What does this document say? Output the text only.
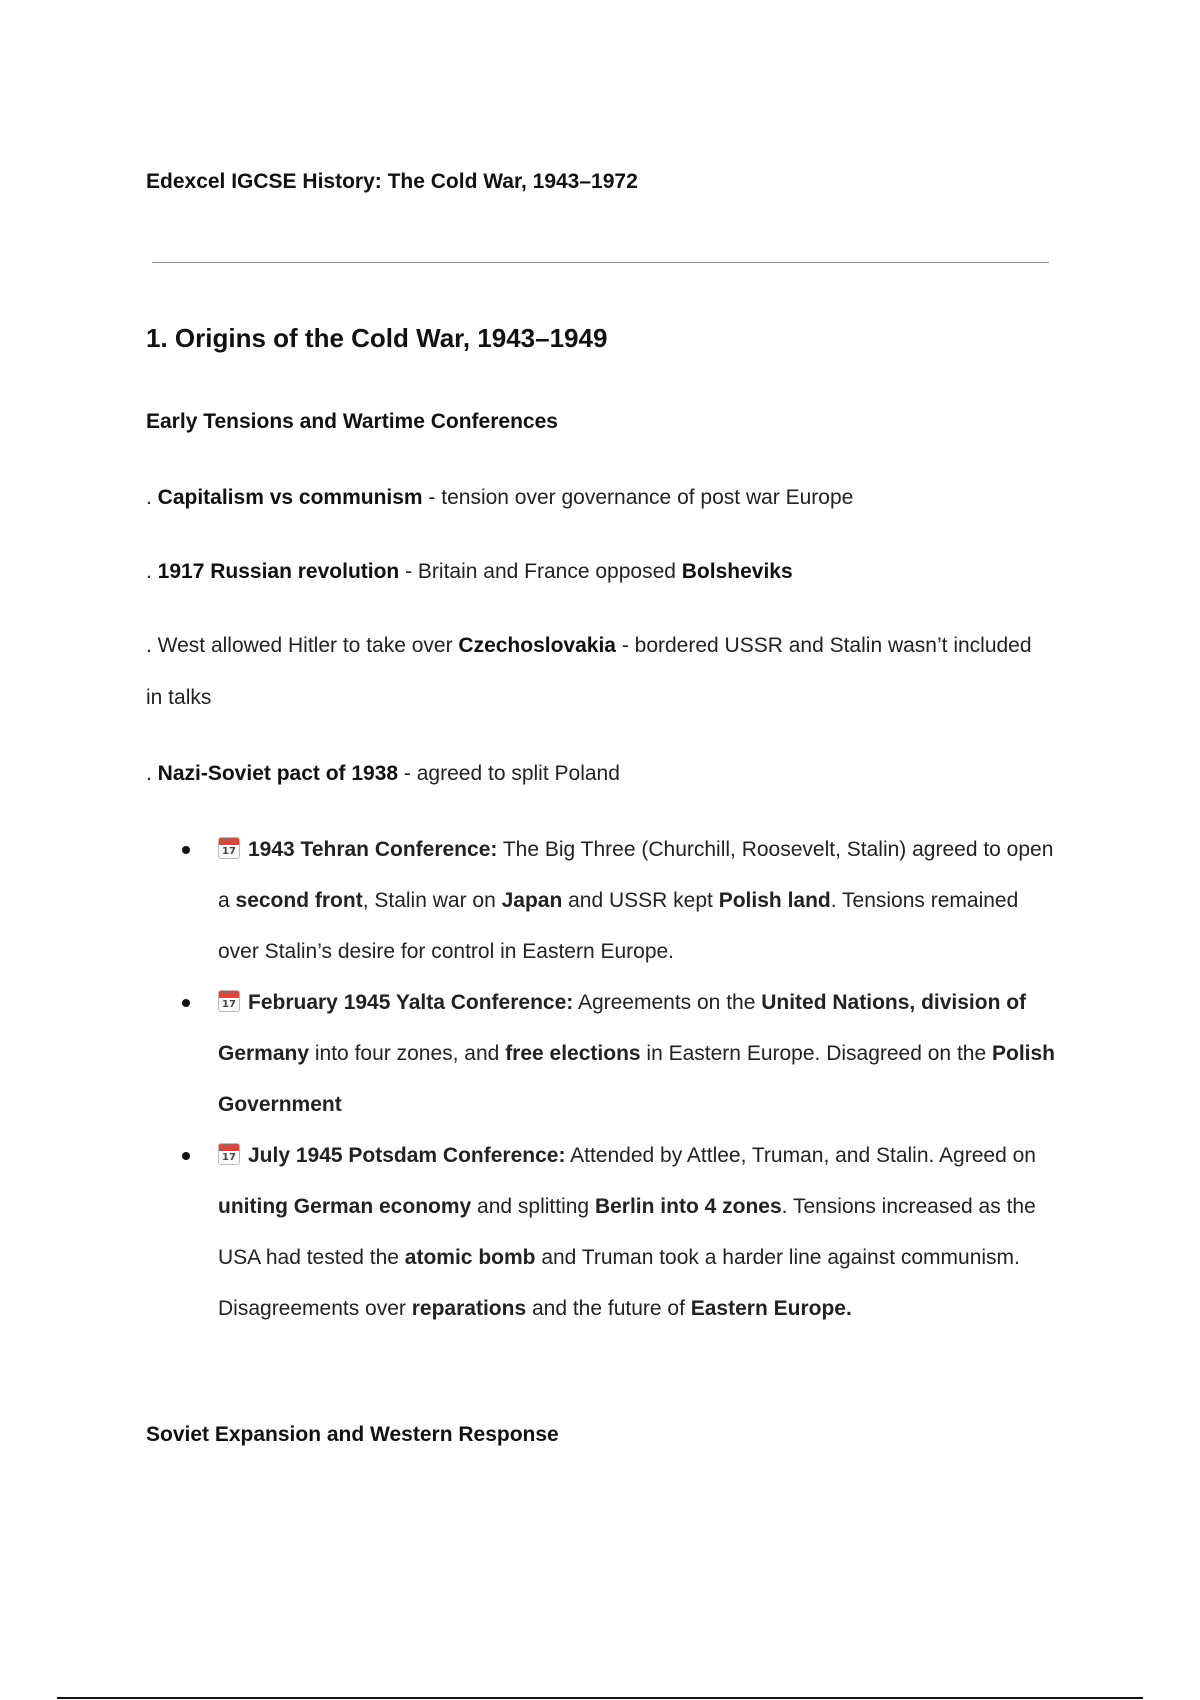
Edexcel IGCSE History: The Cold War, 1943–1972
1. Origins of the Cold War, 1943–1949
Early Tensions and Wartime Conferences

. Capitalism vs communism - tension over governance of post war Europe

. 1917 Russian revolution - Britain and France opposed Bolsheviks

. West allowed Hitler to take over Czechoslovakia - bordered USSR and Stalin wasn’t included in talks

. Nazi-Soviet pact of 1938 - agreed to split Poland

17 1943 Tehran Conference: The Big Three (Churchill, Roosevelt, Stalin) agreed to open a second front, Stalin war on Japan and USSR kept Polish land. Tensions remained over Stalin’s desire for control in Eastern Europe.
17 February 1945 Yalta Conference: Agreements on the United Nations, division of Germany into four zones, and free elections in Eastern Europe. Disagreed on the Polish Government
17 July 1945 Potsdam Conference: Attended by Attlee, Truman, and Stalin. Agreed on uniting German economy and splitting Berlin into 4 zones. Tensions increased as the USA had tested the atomic bomb and Truman took a harder line against communism. Disagreements over reparations and the future of Eastern Europe.
Soviet Expansion and Western Response
